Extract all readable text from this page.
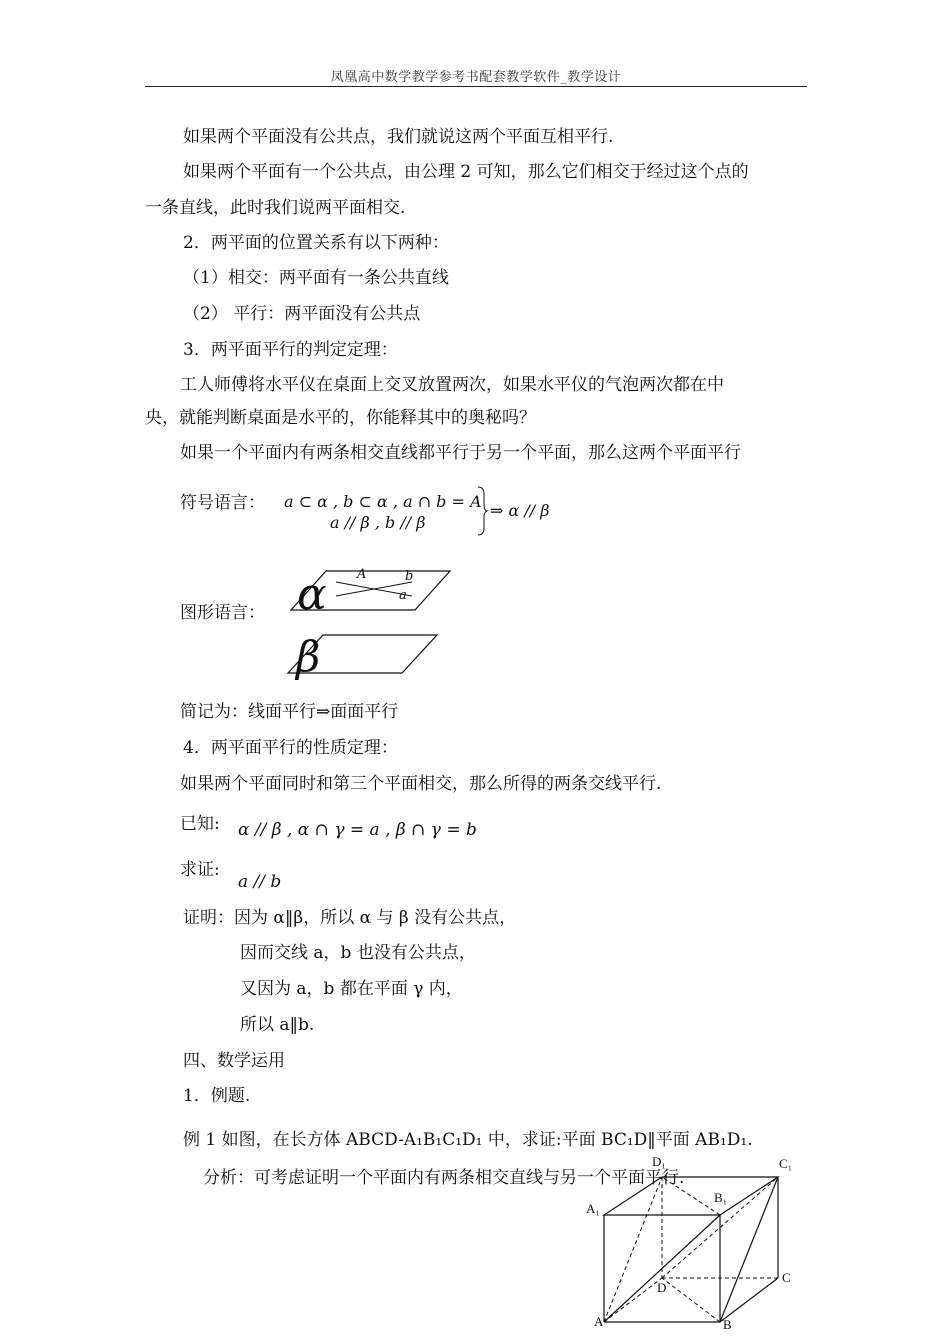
凤凰高中数学教学参考书配套教学软件_教学设计
如果两个平面没有公共点，我们就说这两个平面互相平行.
如果两个平面有一个公共点，由公理 2 可知，那么它们相交于经过这个点的
一条直线，此时我们说两平面相交.
2．两平面的位置关系有以下两种：
（1）相交：两平面有一条公共直线
（2） 平行：两平面没有公共点
3．两平面平行的判定定理：
工人师傅将水平仪在桌面上交叉放置两次，如果水平仪的气泡两次都在中
央，就能判断桌面是水平的，你能释其中的奥秘吗？
如果一个平面内有两条相交直线都平行于另一个平面，那么这两个平面平行
符号语言： a ⊂ α , b ⊂ α , a ∩ b = A
a // β , b // β
⇒ α // β
图形语言： α
β
A	b
a
简记为：线面平行⇒面面平行
4．两平面平行的性质定理：
如果两个平面同时和第三个平面相交，那么所得的两条交线平行.
已知: α // β , α ∩ γ = a , β ∩ γ = b
求证:
a // b
证明：因为 α‖β，所以 α 与 β 没有公共点，
因而交线 a，b 也没有公共点，
又因为 a，b 都在平面 γ 内，
所以 a‖b.
四、数学运用
1．例题.
例 1 如图，在长方体 ABCD-A₁B₁C₁D₁ 中，求证:平面 BC₁D‖平面 AB₁D₁.
分析：可考虑证明一个平面内有两条相交直线与另一个平面平行.
D₁	C₁
B₁
A₁
D
C
A	B
